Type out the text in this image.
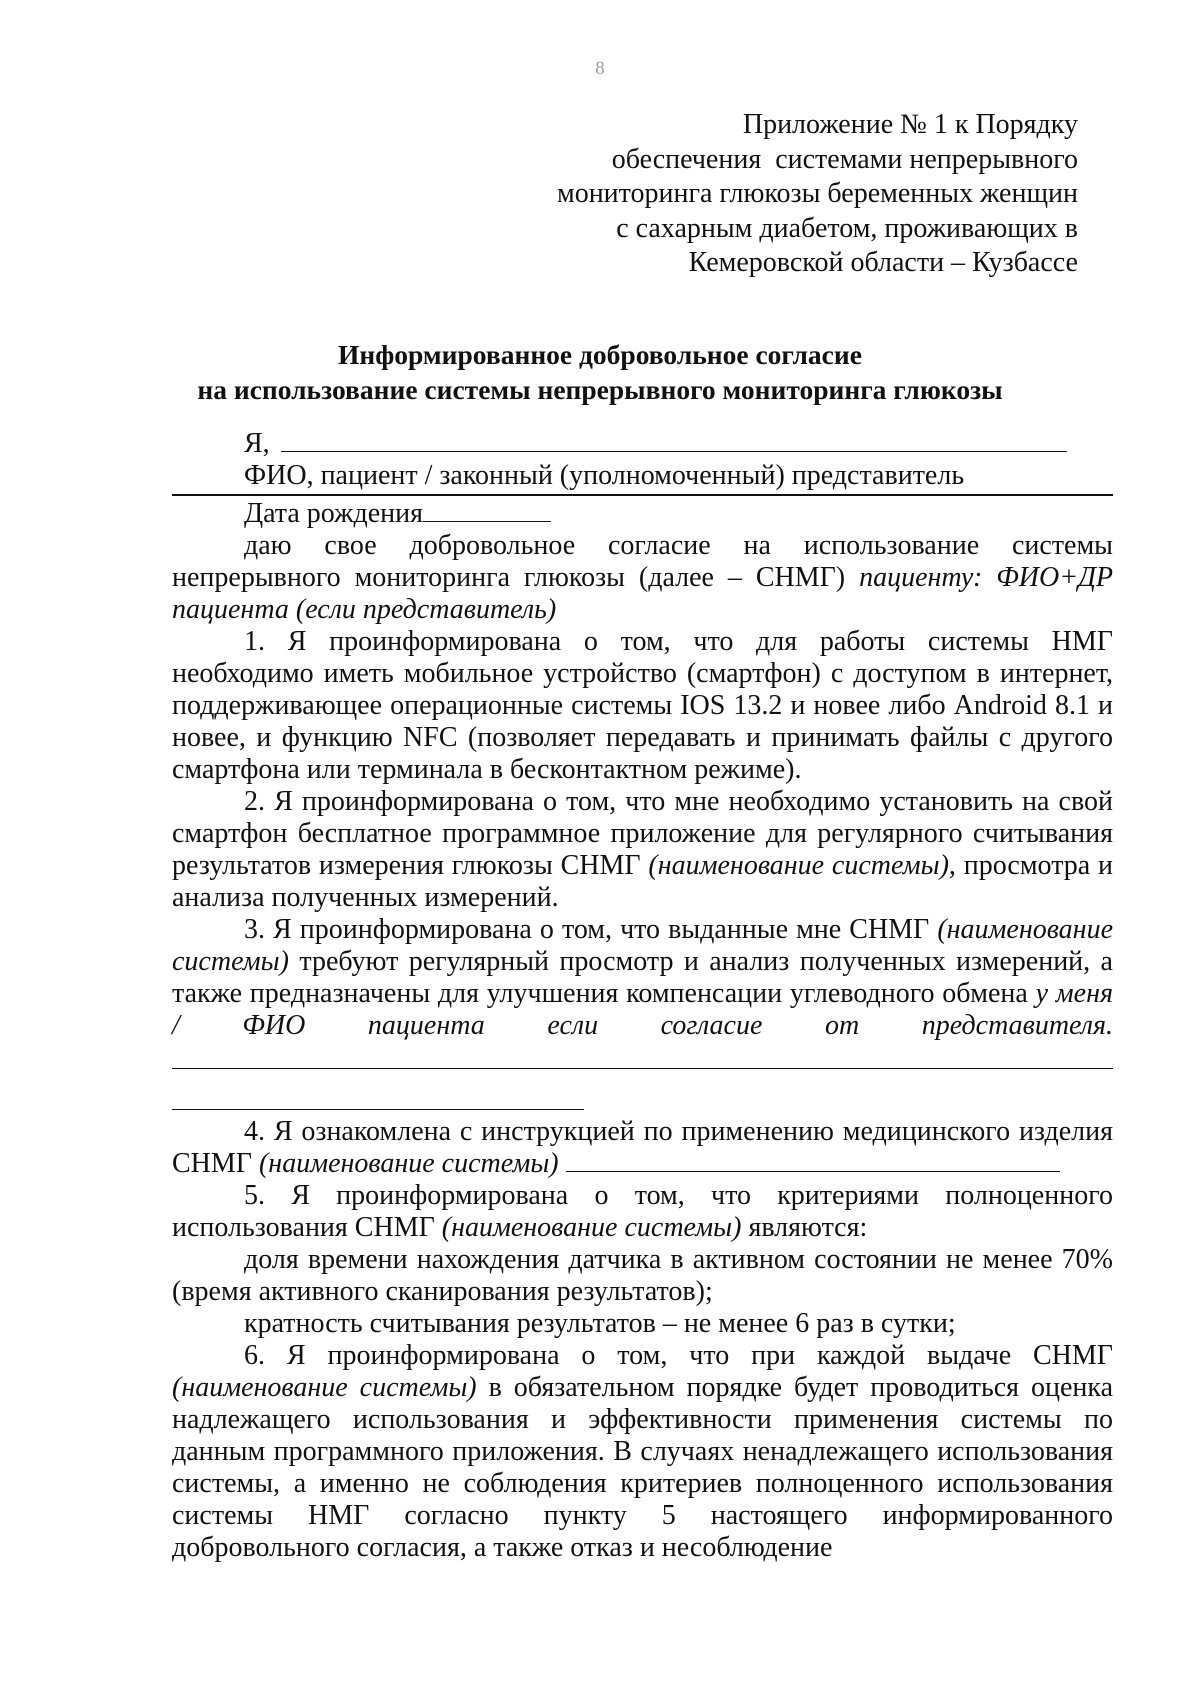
8
Приложение № 1 к Порядку
обеспечения  системами непрерывного
мониторинга глюкозы беременных женщин
с сахарным диабетом, проживающих в
Кемеровской области – Кузбассе
Информированное добровольное согласие
на использование системы непрерывного мониторинга глюкозы
Я,
ФИО, пациент / законный (уполномоченный) представитель
Дата рождения

даю свое добровольное согласие на использование системы непрерывного мониторинга глюкозы (далее – СНМГ) пациенту: ФИО+ДР пациента (если представитель)

1. Я проинформирована о том, что для работы системы НМГ необходимо иметь мобильное устройство (смартфон) с доступом в интернет, поддерживающее операционные системы IOS 13.2 и новее либо Android 8.1 и новее, и функцию NFC (позволяет передавать и принимать файлы с другого смартфона или терминала в бесконтактном режиме).

2. Я проинформирована о том, что мне необходимо установить на свой смартфон бесплатное программное приложение для регулярного считывания результатов измерения глюкозы СНМГ (наименование системы), просмотра и анализа полученных измерений.

3. Я проинформирована о том, что выданные мне СНМГ (наименование системы) требуют регулярный просмотр и анализ полученных измерений, а также предназначены для улучшения компенсации углеводного обмена у меня / ФИО пациента если согласие от представителя.

4. Я ознакомлена с инструкцией по применению медицинского изделия СНМГ (наименование системы)

5. Я проинформирована о том, что критериями полноценного использования СНМГ (наименование системы) являются:

доля времени нахождения датчика в активном состоянии не менее 70% (время активного сканирования результатов);

кратность считывания результатов – не менее 6 раз в сутки;

6. Я проинформирована о том, что при каждой выдаче СНМГ (наименование системы) в обязательном порядке будет проводиться оценка надлежащего использования и эффективности применения системы по данным программного приложения. В случаях ненадлежащего использования системы, а именно не соблюдения критериев полноценного использования системы НМГ согласно пункту 5 настоящего информированного добровольного согласия, а также отказ и несоблюдение
